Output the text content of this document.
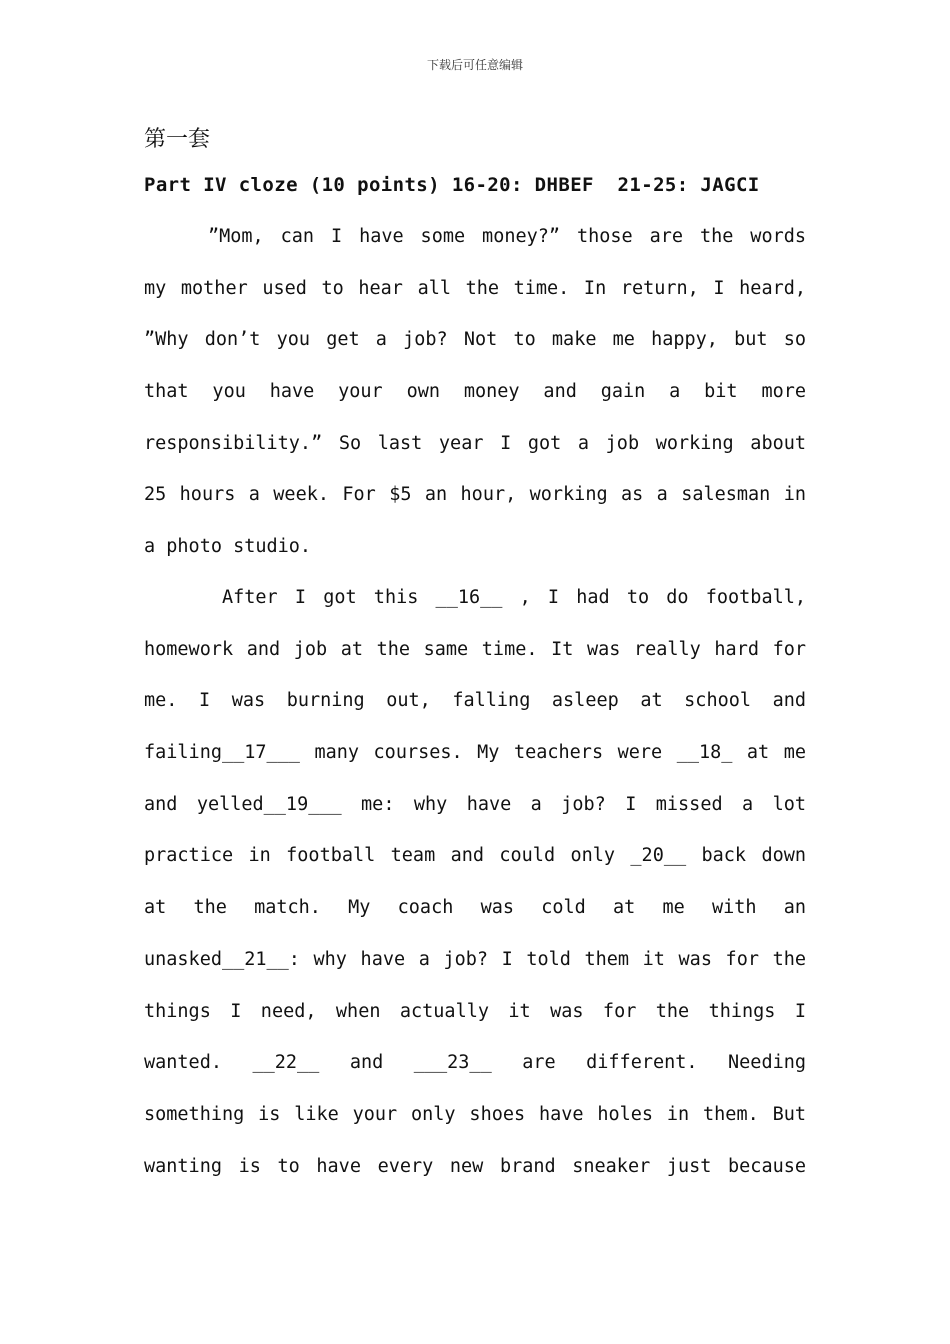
下载后可任意编辑
第一套
Part IV cloze (10 points) 16-20: DHBEF  21-25: JAGCI
”Mom, can I have some money?” those are the words
my mother used to hear all the time. In return, I heard,
”Why don’t you get a job? Not to make me happy, but so
that you have your own money and gain a bit more
responsibility.” So last year I got a job working about
25 hours a week. For $5 an hour, working as a salesman in
a photo studio.
After I got this __16__ , I had to do football,
homework and job at the same time. It was really hard for
me. I was burning out, falling asleep at school and
failing__17___ many courses. My teachers were __18_ at me
and yelled__19___ me: why have a job? I missed a lot
practice in football team and could only _20__ back down
at the match. My coach was cold at me with an
unasked__21__: why have a job? I told them it was for the
things I need, when actually it was for the things I
wanted. __22__ and ___23__ are different. Needing
something is like your only shoes have holes in them. But
wanting is to have every new brand sneaker just because
